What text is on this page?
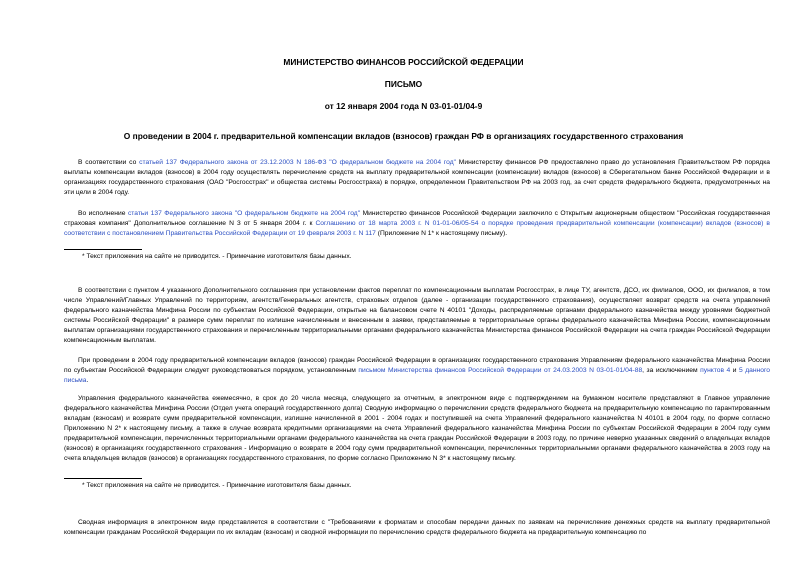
МИНИСТЕРСТВО ФИНАНСОВ РОССИЙСКОЙ ФЕДЕРАЦИИ
ПИСЬМО
от 12 января 2004 года N 03-01-01/04-9
О проведении в 2004 г. предварительной компенсации вкладов (взносов) граждан РФ в организациях государственного страхования

В соответствии со статьей 137 Федерального закона от 23.12.2003 N 186-ФЗ "О федеральном бюджете на 2004 год" Министерству финансов РФ предоставлено право до установления Правительством РФ порядка выплаты компенсации вкладов (взносов) в 2004 году осуществлять перечисление средств на выплату предварительной компенсации (компенсации) вкладов (взносов) в Сберегательном банке Российской Федерации и в организациях государственного страхования (ОАО "Росгосстрах" и общества системы Росгосстраха) в порядке, определенном Правительством РФ на 2003 год, за счет средств федерального бюджета, предусмотренных на эти цели в 2004 году.

Во исполнение статьи 137 Федерального закона "О федеральном бюджете на 2004 год" Министерство финансов Российской Федерации заключило с Открытым акционерным обществом "Российская государственная страховая компания" Дополнительное соглашение N 3 от 5 января 2004 г. к Соглашению от 18 марта 2003 г. N 01-01-06/05-54 о порядке проведения предварительной компенсации (компенсации) вкладов (взносов) в соответствии с постановлением Правительства Российской Федерации от 19 февраля 2003 г. N 117 (Приложение N 1* к настоящему письму).

* Текст приложения на сайте не приводится. - Примечание изготовителя базы данных.

В соответствии с пунктом 4 указанного Дополнительного соглашения при установлении фактов переплат по компенсационным выплатам Росгосстрах, в лице ТУ, агентств, ДСО, их филиалов, ООО, их филиалов, в том числе Управлений/Главных Управлений по территориям, агентств/Генеральных агентств, страховых отделов (далее - организации государственного страхования), осуществляет возврат средств на счета управлений федерального казначейства Минфина России по субъектам Российской Федерации, открытые на балансовом счете N 40101 "Доходы, распределяемые органами федерального казначейства между уровнями бюджетной системы Российской Федерации" в размере сумм переплат по излишне начисленным и внесенным в заявки, представляемые в территориальные органы федерального казначейства Минфина России, компенсационным выплатам организациями государственного страхования и перечисленным территориальными органами федерального казначейства Министерства финансов Российской Федерации на счета граждан Российской Федерации компенсационным выплатам.

При проведении в 2004 году предварительной компенсации вкладов (взносов) граждан Российской Федерации в организациях государственного страхования Управлениям федерального казначейства Минфина России по субъектам Российской Федерации следует руководствоваться порядком, установленным письмом Министерства финансов Российской Федерации от 24.03.2003 N 03-01-01/04-88, за исключением пунктов 4 и 5 данного письма.

Управления федерального казначейства ежемесячно, в срок до 20 числа месяца, следующего за отчетным, в электронном виде с подтверждением на бумажном носителе представляют в Главное управление федерального казначейства Минфина России (Отдел учета операций государственного долга) Сводную информацию о перечислении средств федерального бюджета на предварительную компенсацию по гарантированным вкладам (взносам) и возврате сумм предварительной компенсации, излишне начисленной в 2001 - 2004 годах и поступившей на счета Управлений федерального казначейства N 40101 в 2004 году, по форме согласно Приложению N 2* к настоящему письму, а также в случае возврата кредитными организациями на счета Управлений федерального казначейства Минфина России по субъектам Российской Федерации в 2004 году сумм предварительной компенсации, перечисленных территориальными органами федерального казначейства на счета граждан Российской Федерации в 2003 году, по причине неверно указанных сведений о владельцах вкладов (взносов) в организациях государственного страхования - Информацию о возврате в 2004 году сумм предварительной компенсации, перечисленных территориальными органами федерального казначейства в 2003 году на счета владельцев вкладов (взносов) в организациях государственного страхования, по форме согласно Приложению N 3* к настоящему письму.

* Текст приложения на сайте не приводится. - Примечание изготовителя базы данных.

Сводная информация в электронном виде представляется в соответствии с "Требованиями к форматам и способам передачи данных по заявкам на перечисление денежных средств на выплату предварительной компенсации гражданам Российской Федерации по их вкладам (взносам) и сводной информации по перечислению средств федерального бюджета на предварительную компенсацию по
